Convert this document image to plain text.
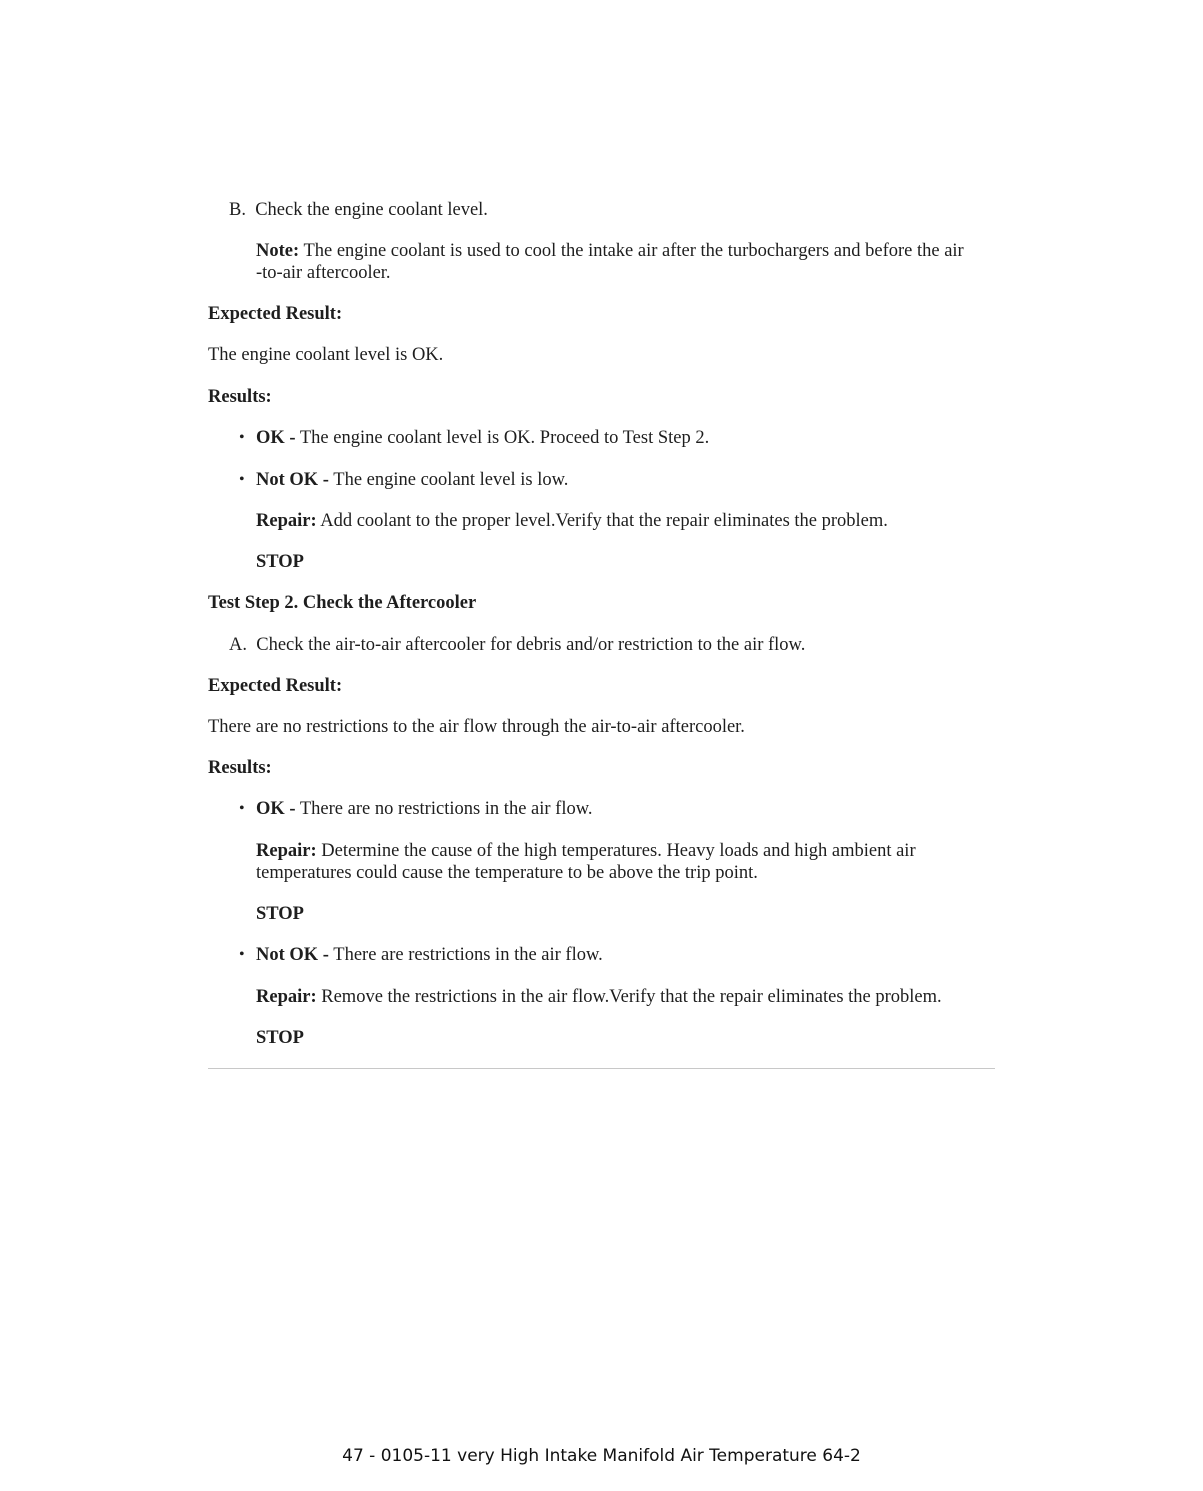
B. Check the engine coolant level.
Note: The engine coolant is used to cool the intake air after the turbochargers and before the air
-to-air aftercooler.
Expected Result:
The engine coolant level is OK.
Results:
• OK - The engine coolant level is OK. Proceed to Test Step 2.
• Not OK - The engine coolant level is low.
Repair: Add coolant to the proper level.Verify that the repair eliminates the problem.
STOP
Test Step 2. Check the Aftercooler
A. Check the air-to-air aftercooler for debris and/or restriction to the air flow.
Expected Result:
There are no restrictions to the air flow through the air-to-air aftercooler.
Results:
• OK - There are no restrictions in the air flow.
Repair: Determine the cause of the high temperatures. Heavy loads and high ambient air
temperatures could cause the temperature to be above the trip point.
STOP
• Not OK - There are restrictions in the air flow.
Repair: Remove the restrictions in the air flow.Verify that the repair eliminates the problem.
STOP
47 - 0105-11 very High Intake Manifold Air Temperature 64-2
